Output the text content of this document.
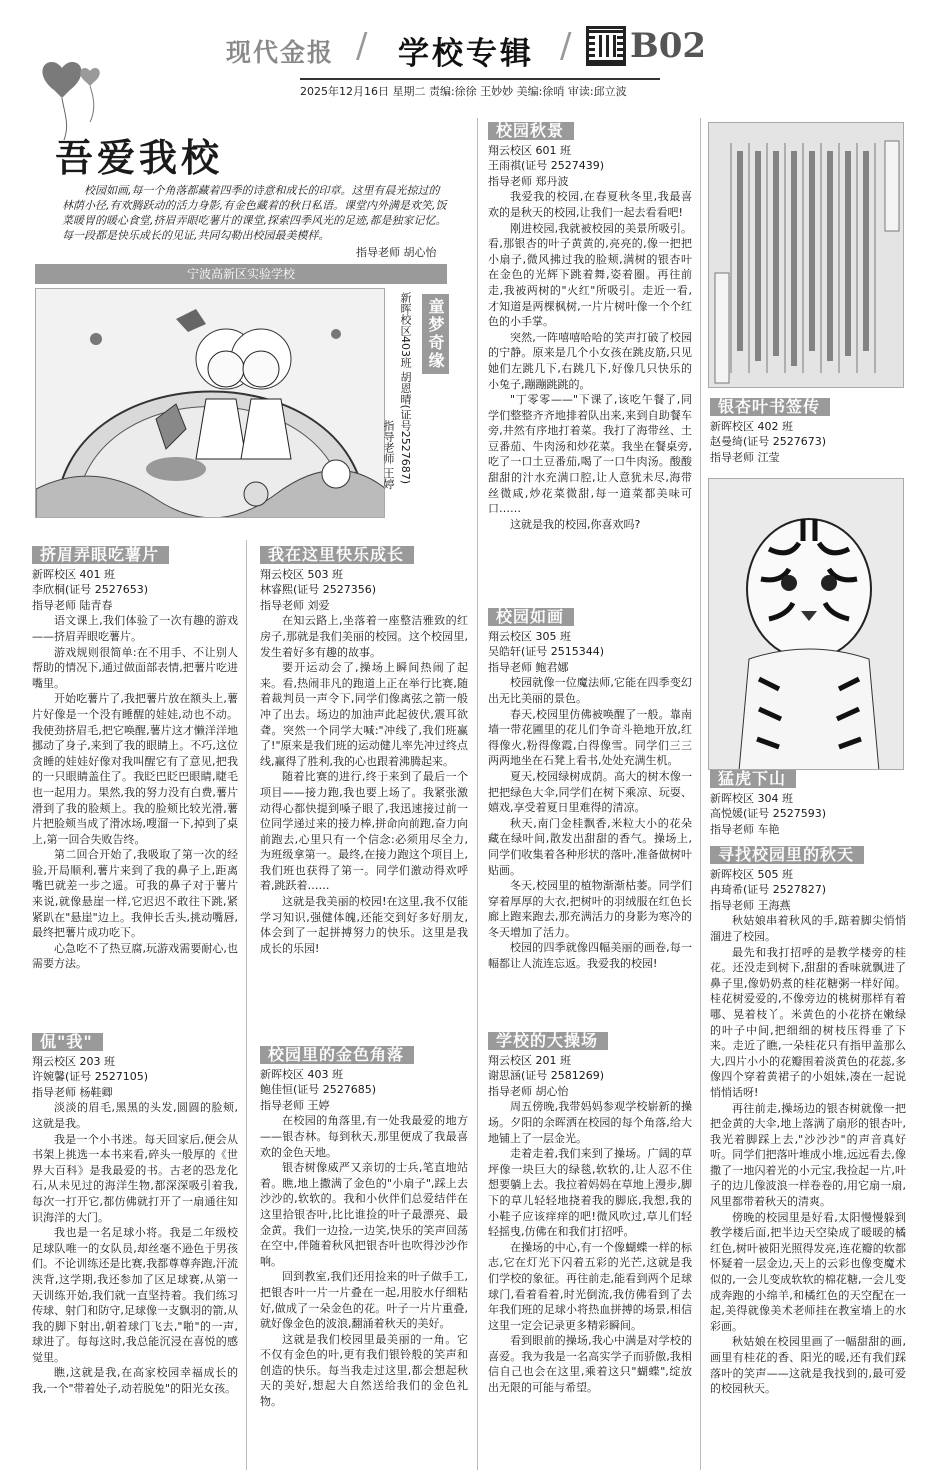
现代金报 / 学校专辑 / B02
2025年12月16日 星期二 责编:徐徐 王妙妙 美编:徐哨 审读:邱立波
吾爱我校
校园如画,每一个角落都藏着四季的诗意和成长的印章。这里有晨光掠过的林荫小径,有欢腾跃动的活力身影,有金色藏着的秋日私语。课堂内外满是欢笑,饭菜暖胃的暖心食堂,挤眉弄眼吃薯片的课堂,探索四季风光的足迹,都是独家记忆。每一段都是快乐成长的见证,共同勾勒出校园最美模样。
指导老师 胡心怡
宁波高新区实验学校
童梦奇缘
新晖校区403班 胡恩晴(证号2527687)
指导老师 王婷
挤眉弄眼吃薯片

新晖校区 401 班

李欣桐(证号 2527653)

指导老师 陆青春

语文课上,我们体验了一次有趣的游戏——挤眉弄眼吃薯片。

游戏规则很简单:在不用手、不让别人帮助的情况下,通过做面部表情,把薯片吃进嘴里。

开始吃薯片了,我把薯片放在额头上,薯片好像是一个没有睡醒的娃娃,动也不动。我使劲挤眉毛,把它唤醒,薯片这才懒洋洋地挪动了身子,来到了我的眼睛上。不巧,这位贪睡的娃娃好像对我叫醒它有了意见,把我的一只眼睛盖住了。我眨巴眨巴眼睛,睫毛也一起用力。果然,我的努力没有白费,薯片滑到了我的脸颊上。我的脸颊比较光滑,薯片把脸颊当成了滑冰场,嗖溜一下,掉到了桌上,第一回合失败告终。

第二回合开始了,我吸取了第一次的经验,开局顺利,薯片来到了我的鼻子上,距离嘴巴就差一步之遥。可我的鼻子对于薯片来说,就像悬崖一样,它迟迟不敢往下跳,紧紧趴在"悬崖"边上。我伸长舌头,挑动嘴唇,最终把薯片成功吃下。

心急吃不了热豆腐,玩游戏需要耐心,也需要方法。

侃"我"

翔云校区 203 班

许婉馨(证号 2527105)

指导老师 杨鞋卿

淡淡的眉毛,黑黑的头发,圆圆的脸颊,这就是我。

我是一个小书迷。每天回家后,便会从书架上挑选一本书来看,碎头一般厚的《世界大百科》是我最爱的书。古老的恐龙化石,从未见过的海洋生物,都深深吸引着我,每次一打开它,都仿佛就打开了一扇通往知识海洋的大门。

我也是一名足球小将。我是二年级校足球队唯一的女队员,却丝毫不逊色于男孩们。不论训练还是比赛,我都尊尊奔跑,汗流浃背,这学期,我还参加了区足球赛,从第一天训练开始,我们就一直坚持着。我们练习传球、射门和防守,足球像一支飘羽的箭,从我的脚下射出,朝着球门飞去,"啪"的一声,球进了。每每这时,我总能沉浸在喜悦的感觉里。

瞧,这就是我,在高家校园幸福成长的我,一个"带着处子,动若脱兔"的阳光女孩。

我在这里快乐成长

翔云校区 503 班

林睿熙(证号 2527356)

指导老师 刘爱

在知云路上,坐落着一座整洁雅致的红房子,那就是我们美丽的校园。这个校园里,发生着好多有趣的故事。

要开运动会了,操场上瞬间热闹了起来。看,热闹非凡的跑道上正在举行比赛,随着裁判员一声令下,同学们像离弦之箭一般冲了出去。场边的加油声此起彼伏,震耳欲聋。突然一个同学大喊:"冲线了,我们班赢了!"原来是我们班的运动健儿率先冲过终点线,赢得了胜利,我的心也跟着沸腾起来。

随着比赛的进行,终于来到了最后一个项目——接力跑,我也要上场了。我紧张激动得心都快提到嗓子眼了,我迅速接过前一位同学递过来的接力棒,拼命向前跑,奋力向前跑去,心里只有一个信念:必须用尽全力,为班级拿第一。最终,在接力跑这个项目上,我们班也获得了第一。同学们激动得欢呼着,跳跃着……

这就是我美丽的校园!在这里,我不仅能学习知识,强健体魄,还能交到好多好朋友,体会到了一起拼搏努力的快乐。这里是我成长的乐园!

校园里的金色角落

新晖校区 403 班

鲍佳恒(证号 2527685)

指导老师 王婷

在校园的角落里,有一处我最爱的地方——银杏林。每到秋天,那里便成了我最喜欢的金色天地。

银杏树像威严又亲切的士兵,笔直地站着。瞧,地上撒满了金色的"小扇子",踩上去沙沙的,软软的。我和小伙伴们总爱结伴在这里拾银杏叶,比比谁捡的叶子最漂亮、最金黄。我们一边捡,一边笑,快乐的笑声回荡在空中,伴随着秋风把银杏叶也吹得沙沙作响。

回到教室,我们还用捡来的叶子做手工,把银杏叶一片一片叠在一起,用胶水仔细粘好,做成了一朵金色的花。叶子一片片重叠,就好像金色的波浪,翻涌着秋天的美好。

这就是我们校园里最美丽的一角。它不仅有金色的叶,更有我们银铃般的笑声和创造的快乐。每当我走过这里,都会想起秋天的美好,想起大自然送给我们的金色礼物。

校园秋景

翔云校区 601 班

王雨祺(证号 2527439)

指导老师 郑丹波

我爱我的校园,在春夏秋冬里,我最喜欢的是秋天的校园,让我们一起去看看吧!

刚进校园,我就被校园的美景所吸引。看,那银杏的叶子黄黄的,亮亮的,像一把把小扇子,微风拂过我的脸颊,满树的银杏叶在金色的光辉下跳着舞,姿着圈。再往前走,我被两树的"火红"所吸引。走近一看,才知道是两棵枫树,一片片树叶像一个个红色的小手掌。

突然,一阵嘻嘻哈哈的笑声打破了校园的宁静。原来是几个小女孩在跳皮筋,只见她们左跳几下,右跳几下,好像几只快乐的小兔子,蹦蹦跳跳的。

"丁零零——"下课了,该吃午餐了,同学们整整齐齐地排着队出来,来到自助餐车旁,井然有序地打着菜。我打了海带丝、土豆番茄、牛肉汤和炒花菜。我坐在餐桌旁,吃了一口土豆番茄,喝了一口牛肉汤。酸酸甜甜的汁水充满口腔,让人意犹未尽,海带丝微咸,炒花菜微甜,每一道菜都美味可口……

这就是我的校园,你喜欢吗?

校园如画

翔云校区 305 班

吴皓轩(证号 2515344)

指导老师 鲍君娜

校园就像一位魔法师,它能在四季变幻出无比美丽的景色。

春天,校园里仿佛被唤醒了一般。靠南墙一带花圃里的花儿们争奇斗艳地开放,红得像火,粉得像霞,白得像雪。同学们三三两两地坐在石凳上看书,处处充满生机。

夏天,校园绿树成荫。高大的树木像一把把绿色大伞,同学们在树下乘凉、玩耍、嬉戏,享受着夏日里难得的清凉。

秋天,南门金桂飘香,米粒大小的花朵藏在绿叶间,散发出甜甜的香气。操场上,同学们收集着各种形状的落叶,准备做树叶贴画。

冬天,校园里的植物渐渐枯萎。同学们穿着厚厚的大衣,把树叶的羽绒服在红色长廊上跑来跑去,那充满活力的身影为寒冷的冬天增加了活力。

校园的四季就像四幅美丽的画卷,每一幅都让人流连忘返。我爱我的校园!

学校的大操场

翔云校区 201 班

谢思涵(证号 2581269)

指导老师 胡心怡

周五傍晚,我带妈妈参观学校崭新的操场。夕阳的余晖洒在校园的每个角落,给大地铺上了一层金光。

走着走着,我们来到了操场。广阔的草坪像一块巨大的绿毯,软软的,让人忍不住想要躺上去。我拉着妈妈在草地上漫步,脚下的草儿轻轻地挠着我的脚底,我想,我的小鞋子应该痒痒的吧!微风吹过,草儿们轻轻摇曳,仿佛在和我们打招呼。

在操场的中心,有一个像蝴蝶一样的标志,它在灯光下闪着五彩的光芒,这就是我们学校的象征。再往前走,能看到两个足球球门,看着看着,时光倒流,我仿佛看到了去年我们班的足球小将热血拼搏的场景,相信这里一定会记录更多精彩瞬间。

看到眼前的操场,我心中满是对学校的喜爱。我为我是一名高实学子而骄傲,我相信自己也会在这里,乘着这只"蝴蝶",绽放出无限的可能与希望。

银杏叶书签传

新晖校区 402 班

赵曼绮(证号 2527673)

指导老师 江莹

猛虎下山

新晖校区 304 班

高悦媛(证号 2527593)

指导老师 车艳

寻找校园里的秋天

新晖校区 505 班

冉琦希(证号 2527827)

指导老师 王海燕

秋姑娘串着秋风的手,踮着脚尖悄悄溜进了校园。

最先和我打招呼的是教学楼旁的桂花。还没走到树下,甜甜的香味就飘进了鼻子里,像奶奶煮的桂花糖粥一样好闻。桂花树爱爱的,不像旁边的桃树那样有着哪、晃着枝丫。米黄色的小花挤在嫩绿的叶子中间,把细细的树枝压得垂了下来。走近了瞧,一朵桂花只有指甲盖那么大,四片小小的花瓣围着淡黄色的花蕊,多像四个穿着黄裙子的小姐妹,凑在一起说悄悄话呀!

再往前走,操场边的银杏树就像一把把金黄的大伞,地上落满了扇形的银杏叶,我光着脚踩上去,"沙沙沙"的声音真好听。同学们把落叶堆成小堆,远远看去,像撒了一地闪着光的小元宝,我捡起一片,叶子的边儿像波浪一样卷卷的,用它扇一扇,风里都带着秋天的清爽。

傍晚的校园里是好看,太阳慢慢躲到教学楼后面,把半边天空染成了暖暖的橘红色,树叶被阳光照得发亮,连花瓣的软都怀疑着一层金边,天上的云彩也像变魔术似的,一会儿变成软软的棉花糖,一会儿变成奔跑的小绵羊,和橘红色的天空配在一起,美得就像美术老师挂在教室墙上的水彩画。

秋姑娘在校园里画了一幅甜甜的画,画里有桂花的香、阳光的暖,还有我们踩落叶的笑声——这就是我找到的,最可爱的校园秋天。
